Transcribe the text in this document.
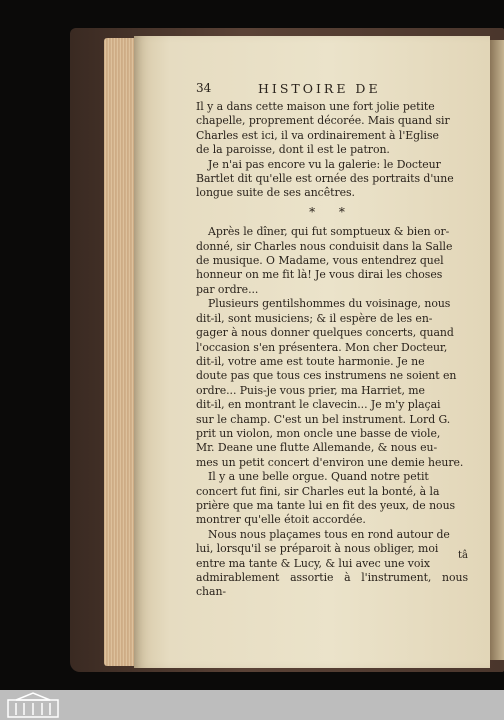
34	HISTOIRE DE

Il y a dans cette maison une fort jolie petite
chapelle, proprement décorée. Mais quand sir
Charles est ici, il va ordinairement à l'Eglise
de la paroisse, dont il est le patron.

Je n'ai pas encore vu la galerie: le Docteur
Bartlet dit qu'elle est ornée des portraits d'une
longue suite de ses ancêtres.

* *

Après le dîner, qui fut somptueux & bien or-
donné, sir Charles nous conduisit dans la Salle
de musique. O Madame, vous entendrez quel
honneur on me fit là! Je vous dirai les choses
par ordre...

Plusieurs gentilshommes du voisinage, nous
dit-il, sont musiciens; & il espère de les en-
gager à nous donner quelques concerts, quand
l'occasion s'en présentera. Mon cher Docteur,
dit-il, votre ame est toute harmonie. Je ne
doute pas que tous ces instrumens ne soient en
ordre... Puis-je vous prier, ma Harriet, me
dit-il, en montrant le clavecin... Je m'y plaçai
sur le champ. C'est un bel instrument. Lord G.
prit un violon, mon oncle une basse de viole,
Mr. Deane une flutte Allemande, & nous eu-
mes un petit concert d'environ une demie heure.

Il y a une belle orgue. Quand notre petit
concert fut fini, sir Charles eut la bonté, à la
prière que ma tante lui en fit des yeux, de nous
montrer qu'elle étoit accordée.

Nous nous plaçames tous en rond autour de
lui, lorsqu'il se préparoit à nous obliger, moi
entre ma tante & Lucy, & lui avec une voix
admirablement assortie à l'instrument, nous chan-

tâ
